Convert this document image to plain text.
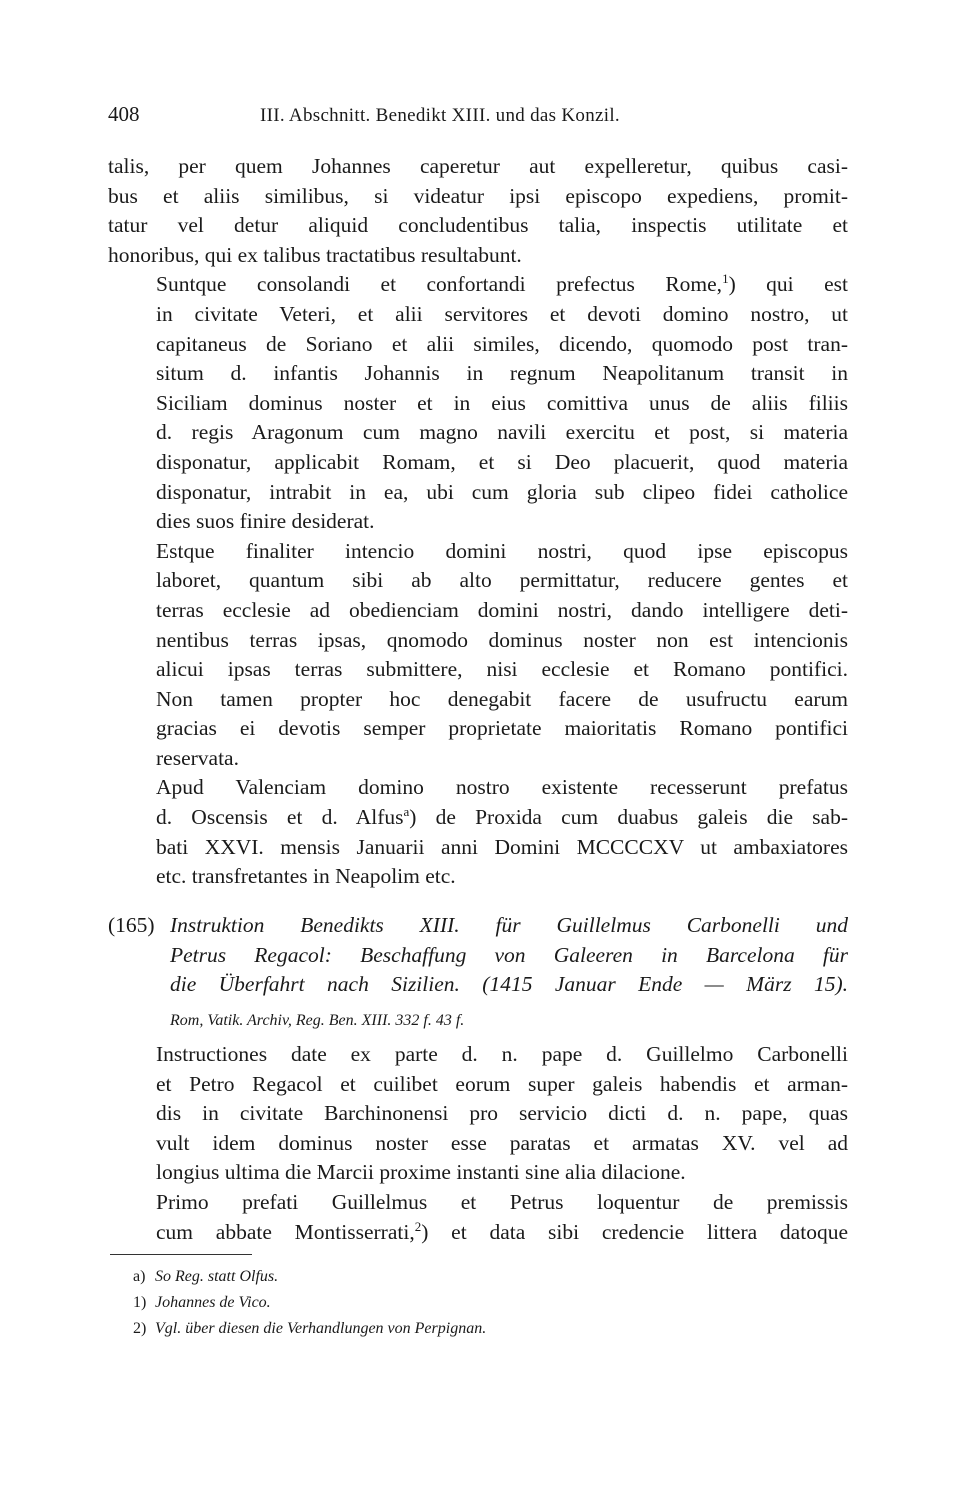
408	III. Abschnitt. Benedikt XIII. und das Konzil.

talis, per quem Johannes caperetur aut expelleretur, quibus casi-
bus et aliis similibus, si videatur ipsi episcopo expediens, promit-
tatur vel detur aliquid concludentibus talia, inspectis utilitate et
honoribus, qui ex talibus tractatibus resultabunt.

Suntque consolandi et confortandi prefectus Rome,$^1$) qui est
in civitate Veteri, et alii servitores et devoti domino nostro, ut
capitaneus de Soriano et alii similes, dicendo, quomodo post tran-
situm d. infantis Johannis in regnum Neapolitanum transit in
Siciliam dominus noster et in eius comittiva unus de aliis filiis
d. regis Aragonum cum magno navili exercitu et post, si materia
disponatur, applicabit Romam, et si Deo placuerit, quod materia
disponatur, intrabit in ea, ubi cum gloria sub clipeo fidei catholice
dies suos finire desiderat.

Estque finaliter intencio domini nostri, quod ipse episcopus
laboret, quantum sibi ab alto permittatur, reducere gentes et
terras ecclesie ad obedienciam domini nostri, dando intelligere deti-
nentibus terras ipsas, qnomodo dominus noster non est intencionis
alicui ipsas terras submittere, nisi ecclesie et Romano pontifici.
Non tamen propter hoc denegabit facere de usufructu earum
gracias ei devotis semper proprietate maioritatis Romano pontifici
reservata.

Apud Valenciam domino nostro existente recesserunt prefatus
d. Oscensis et d. Alfus$^a$) de Proxida cum duabus galeis die sab-
bati XXVI. mensis Januarii anni Domini MCCCCXV ut ambaxiatores
etc. transfretantes in Neapolim etc.

(165) Instruktion Benedikts XIII. für Guillelmus Carbonelli und
Petrus Regacol: Beschaffung von Galeeren in Barcelona für
die Überfahrt nach Sizilien. (1415 Januar Ende — März 15).
Rom, Vatik. Archiv, Reg. Ben. XIII. 332 f. 43 f.

Instructiones date ex parte d. n. pape d. Guillelmo Carbonelli
et Petro Regacol et cuilibet eorum super galeis habendis et arman-
dis in civitate Barchinonensi pro servicio dicti d. n. pape, quas
vult idem dominus noster esse paratas et armatas XV. vel ad
longius ultima die Marcii proxime instanti sine alia dilacione.

Primo prefati Guillelmus et Petrus loquentur de premissis
cum abbate Montisserrati,$^2$) et data sibi credencie littera datoque

a) So Reg. statt Olfus.
1) Johannes de Vico.
2) Vgl. über diesen die Verhandlungen von Perpignan.
